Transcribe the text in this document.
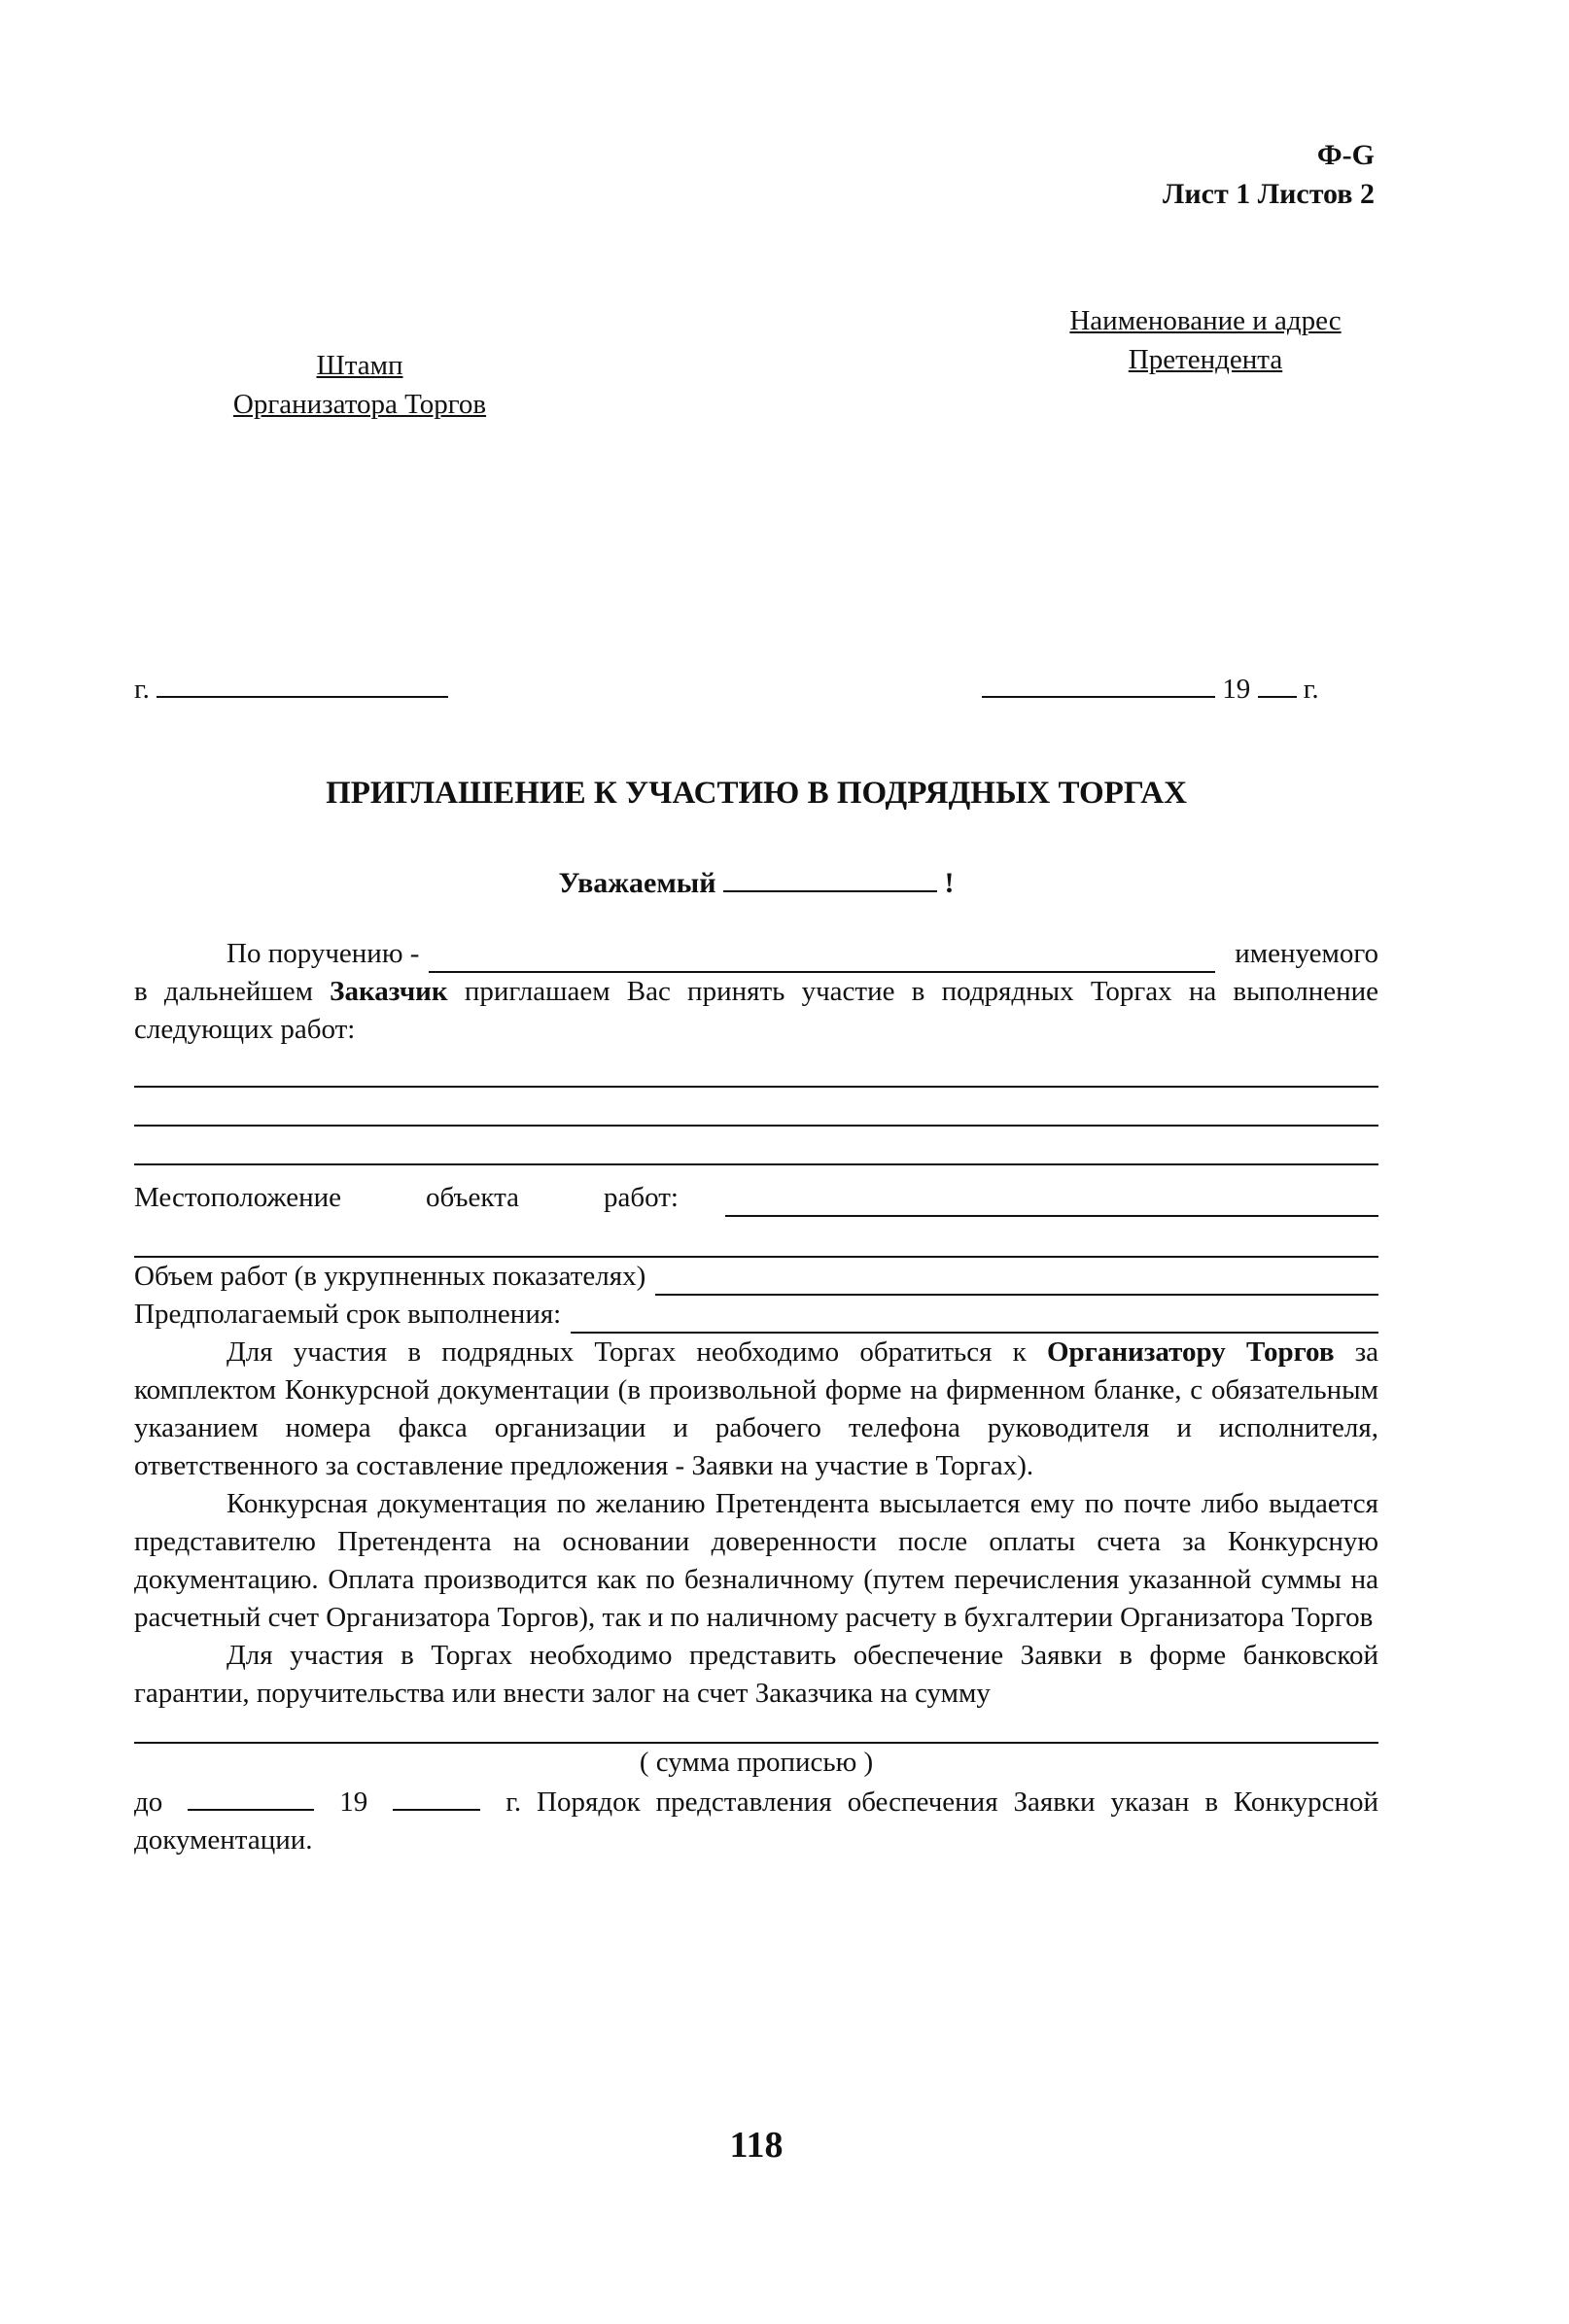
Ф-G
Лист 1 Листов 2
Штамп
Организатора Торгов
Наименование и адрес
Претендента
г.	19 г.
ПРИГЛАШЕНИЕ К УЧАСТИЮ В ПОДРЯДНЫХ ТОРГАХ
Уважаемый	!
По поручению -	именуемого

в дальнейшем Заказчик приглашаем Вас принять участие в подрядных Торгах на выполнение следующих работ:

Местоположение	объекта	работ:
Объем работ (в укрупненных показателях)
Предполагаемый срок выполнения:

Для участия в подрядных Торгах необходимо обратиться к Организатору Торгов за комплектом Конкурсной документации (в произвольной форме на фирменном бланке, с обязательным указанием номера факса организации и рабочего телефона руководителя и исполнителя, ответственного за составление предложения - Заявки на участие в Торгах).

Конкурсная документация по желанию Претендента высылается ему по почте либо выдается представителю Претендента на основании доверенности после оплаты счета за Конкурсную документацию. Оплата производится как по безналичному (путем перечисления указанной суммы на расчетный счет Организатора Торгов), так и по наличному расчету в бухгалтерии Организатора Торгов

Для участия в Торгах необходимо представить обеспечение Заявки в форме банковской гарантии, поручительства или внести залог на счет Заказчика на сумму

( сумма прописью )

до	19	г. Порядок представления обеспечения Заявки указан в Конкурсной документации.

118
